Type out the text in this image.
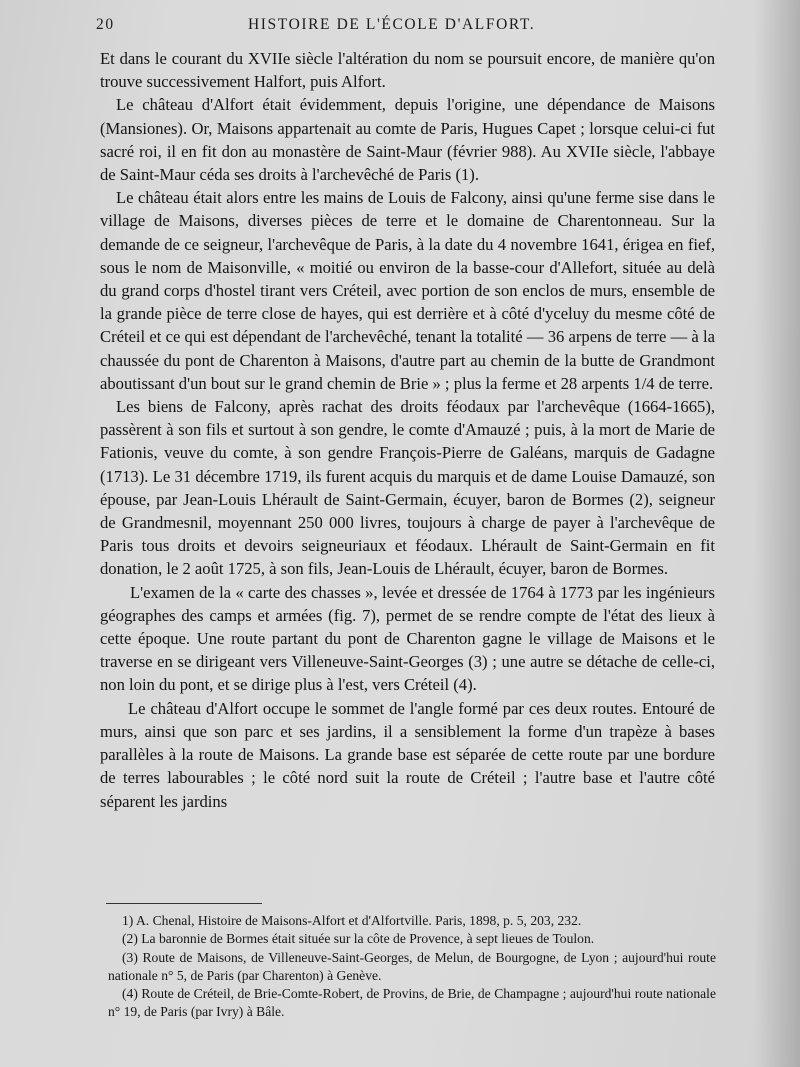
20	HISTOIRE DE L'ÉCOLE D'ALFORT.

Et dans le courant du XVIIe siècle l'altération du nom se poursuit encore, de manière qu'on trouve successivement Halfort, puis Alfort.

Le château d'Alfort était évidemment, depuis l'origine, une dépendance de Maisons (Mansiones). Or, Maisons appartenait au comte de Paris, Hugues Capet ; lorsque celui-ci fut sacré roi, il en fit don au monastère de Saint-Maur (février 988). Au XVIIe siècle, l'abbaye de Saint-Maur céda ses droits à l'archevêché de Paris (1).

Le château était alors entre les mains de Louis de Falcony, ainsi qu'une ferme sise dans le village de Maisons, diverses pièces de terre et le domaine de Charentonneau. Sur la demande de ce seigneur, l'archevêque de Paris, à la date du 4 novembre 1641, érigea en fief, sous le nom de Maisonville, « moitié ou environ de la basse-cour d'Allefort, située au delà du grand corps d'hostel tirant vers Créteil, avec portion de son enclos de murs, ensemble de la grande pièce de terre close de hayes, qui est derrière et à côté d'yceluy du mesme côté de Créteil et ce qui est dépendant de l'archevêché, tenant la totalité — 36 arpens de terre — à la chaussée du pont de Charenton à Maisons, d'autre part au chemin de la butte de Grandmont aboutissant d'un bout sur le grand chemin de Brie » ; plus la ferme et 28 arpents 1/4 de terre.

Les biens de Falcony, après rachat des droits féodaux par l'archevêque (1664-1665), passèrent à son fils et surtout à son gendre, le comte d'Amauzé ; puis, à la mort de Marie de Fationis, veuve du comte, à son gendre François-Pierre de Galéans, marquis de Gadagne (1713). Le 31 décembre 1719, ils furent acquis du marquis et de dame Louise Damauzé, son épouse, par Jean-Louis Lhérault de Saint-Germain, écuyer, baron de Bormes (2), seigneur de Grandmesnil, moyennant 250 000 livres, toujours à charge de payer à l'archevêque de Paris tous droits et devoirs seigneuriaux et féodaux. Lhérault de Saint-Germain en fit donation, le 2 août 1725, à son fils, Jean-Louis de Lhérault, écuyer, baron de Bormes.

L'examen de la « carte des chasses », levée et dressée de 1764 à 1773 par les ingénieurs géographes des camps et armées (fig. 7), permet de se rendre compte de l'état des lieux à cette époque. Une route partant du pont de Charenton gagne le village de Maisons et le traverse en se dirigeant vers Villeneuve-Saint-Georges (3) ; une autre se détache de celle-ci, non loin du pont, et se dirige plus à l'est, vers Créteil (4).

Le château d'Alfort occupe le sommet de l'angle formé par ces deux routes. Entouré de murs, ainsi que son parc et ses jardins, il a sensiblement la forme d'un trapèze à bases parallèles à la route de Maisons. La grande base est séparée de cette route par une bordure de terres labourables ; le côté nord suit la route de Créteil ; l'autre base et l'autre côté séparent les jardins

1) A. Chenal, Histoire de Maisons-Alfort et d'Alfortville. Paris, 1898, p. 5, 203, 232.

(2) La baronnie de Bormes était située sur la côte de Provence, à sept lieues de Toulon.

(3) Route de Maisons, de Villeneuve-Saint-Georges, de Melun, de Bourgogne, de Lyon ; aujourd'hui route nationale n° 5, de Paris (par Charenton) à Genève.

(4) Route de Créteil, de Brie-Comte-Robert, de Provins, de Brie, de Champagne ; aujourd'hui route nationale n° 19, de Paris (par Ivry) à Bâle.
